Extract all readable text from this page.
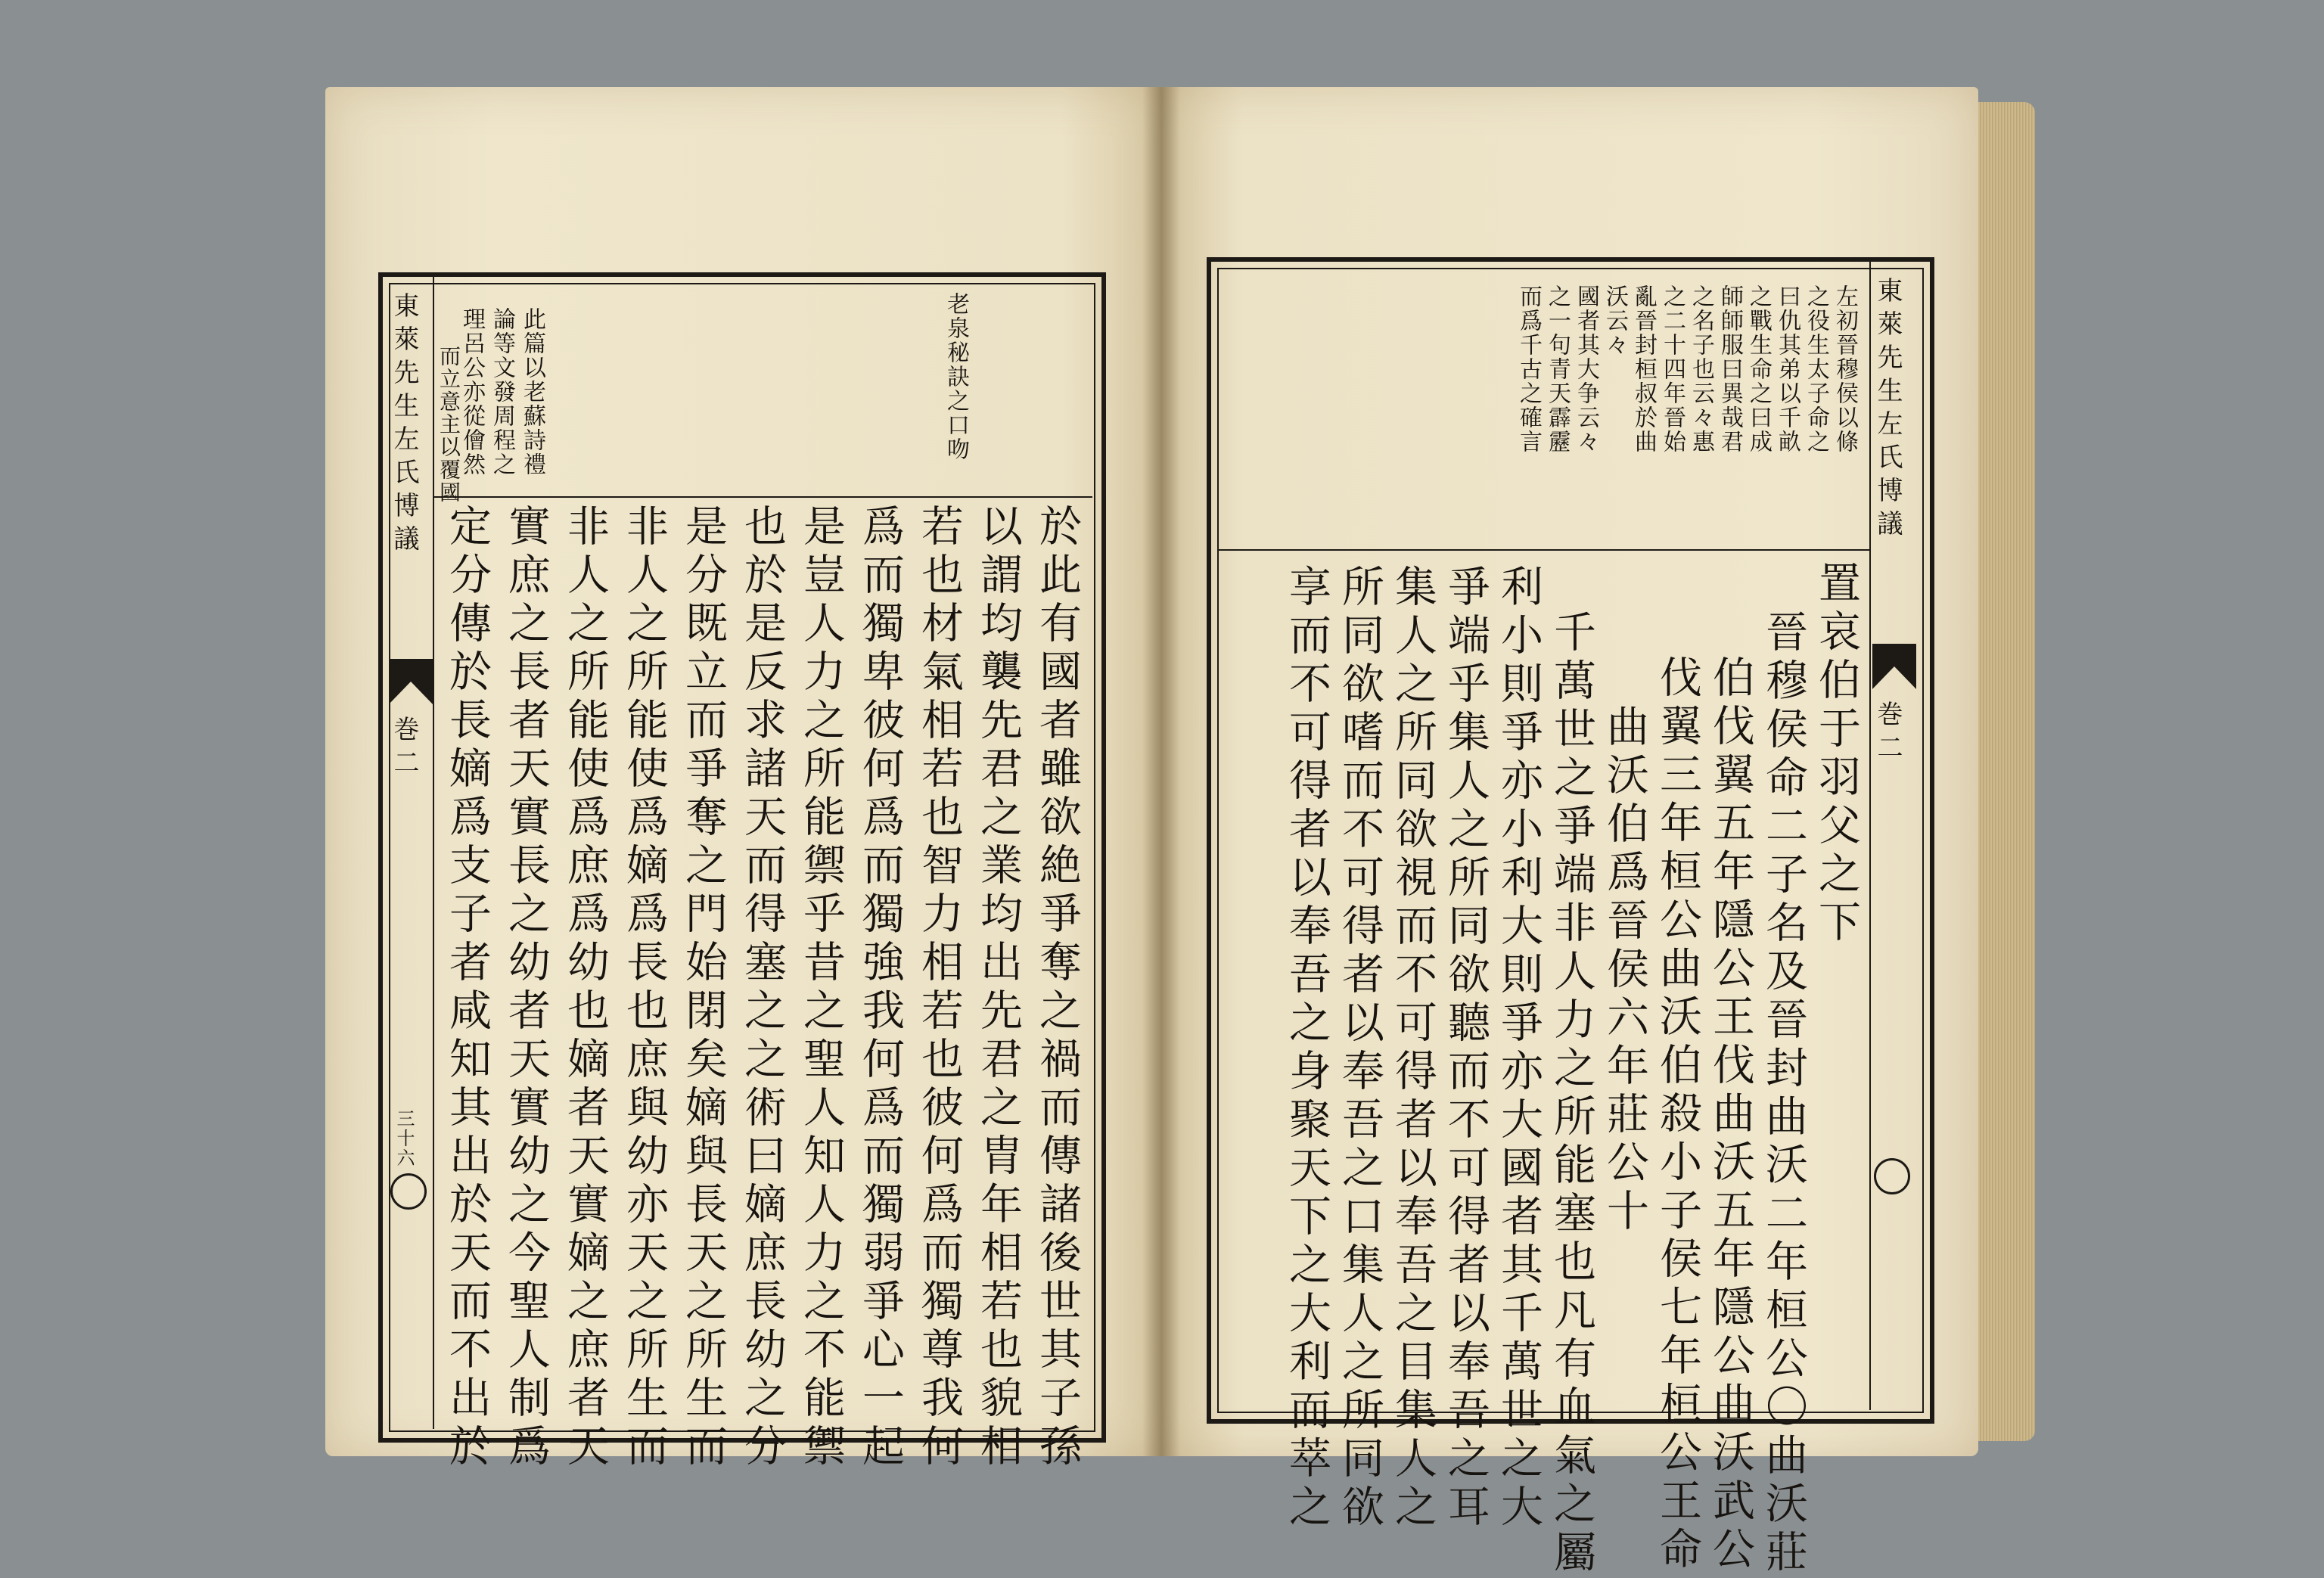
東萊先生左氏博議
巻二
三十六
老泉秘訣之口吻
此篇以老蘇詩禮
論等文發周程之
理呂公亦從儈然
而立意主以覆國
於此有國者雖欲絶爭奪之禍而傳諸後世其子孫
以謂均襲先君之業均出先君之胄年相若也貌相
若也材氣相若也智力相若也彼何爲而獨尊我何
爲而獨卑彼何爲而獨強我何爲而獨弱爭心一起
是豈人力之所能禦乎昔之聖人知人力之不能禦
也於是反求諸天而得塞之之術曰嫡庶長幼之分
是分既立而爭奪之門始閉矣嫡與長天之所生而
非人之所能使爲嫡爲長也庶與幼亦天之所生而
非人之所能使爲庶爲幼也嫡者天實嫡之庶者天
實庶之長者天實長之幼者天實幼之今聖人制爲
定分傳於長嫡爲支子者咸知其出於天而不出於
東萊先生左氏博議
巻二
左初晉穆侯以條
之役生太子命之
曰仇其弟以千畝
之戰生命之曰成
師師服曰異哉君
之名子也云々惠
之二十四年晉始
亂晉封桓叔於曲
沃云々
國者其大争云々
之一句青天霹靂
而爲千古之確言
置哀伯于羽父之下
晉穆侯命二子名及晉封曲沃二年桓公〇曲沃莊
伯伐翼五年隱公王伐曲沃五年隱公曲沃武公
伐翼三年桓公曲沃伯殺小子侯七年桓公王命
曲沃伯爲晉侯六年莊公十
千萬世之爭端非人力之所能塞也凡有血氣之屬
利小則爭亦小利大則爭亦大國者其千萬世之大
爭端乎集人之所同欲聽而不可得者以奉吾之耳
集人之所同欲視而不可得者以奉吾之目集人之
所同欲嗜而不可得者以奉吾之口集人之所同欲
享而不可得者以奉吾之身聚天下之大利而萃之
